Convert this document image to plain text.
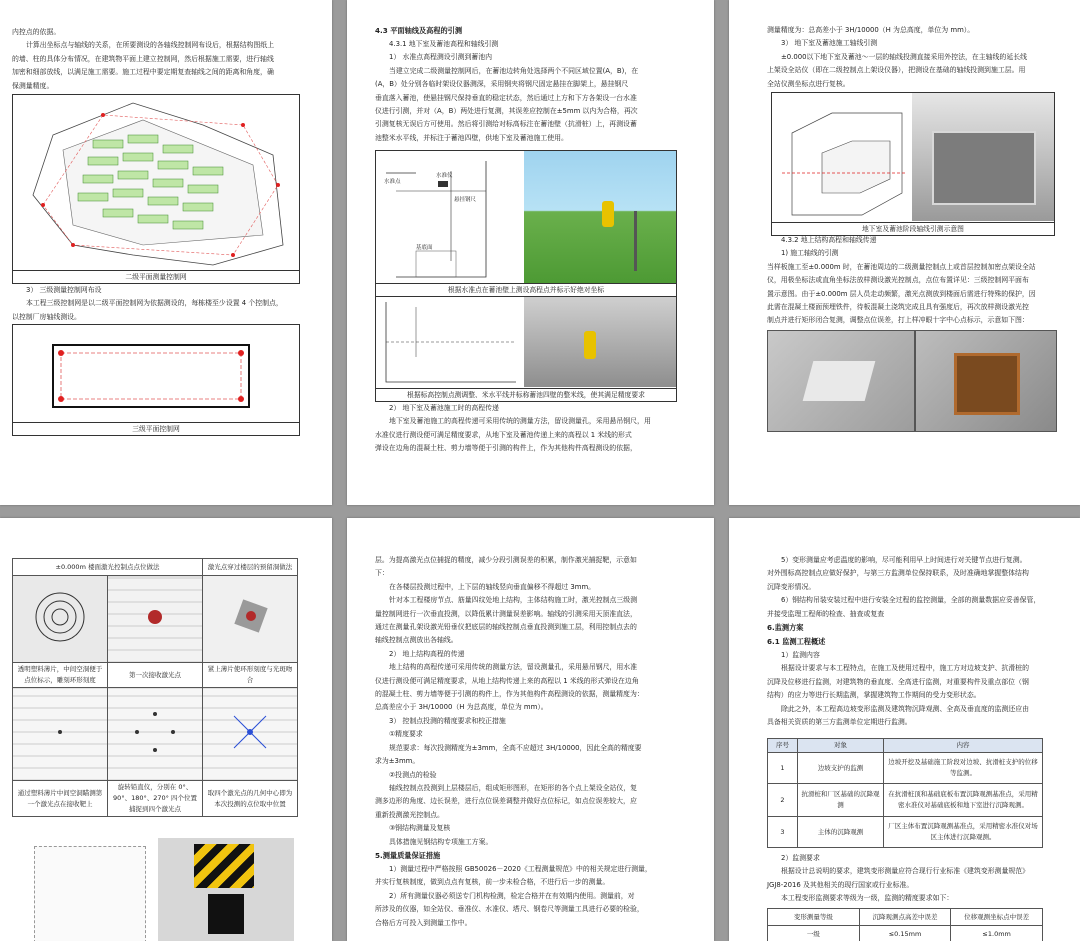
内控点的依据。

计算出坐标点与轴线的关系，在所要测设的各轴线控制网布设后，根据结构图纸上

的墙、柱的具体分布情况，在建筑物平面上建立控制网，然后根据施工需要，进行轴线

加密和细部放线，以满足施工需要。施工过程中要定期复查轴线之间的距离和角度，确

保测量精度。

二级平面测量控制网

3） 三级测量控制网布设

本工程三级控制网是以二级平面控制网为依据测设的，每栋楼至少设置 4 个控制点，

以控制厂房轴线测设。

三级平面控制网

4.3 平面轴线及高程的引测

4.3.1 地下室及蓄池高程和轴线引测

1） 水准点高程测设引测到蓄池内

当建立完成二级测量控制网后，在蓄池边转角处选择两个不同区域位置(A，B)，在

(A，B）处分别各临时架设仪器测深，采用钢夹将钢尺固定悬挂在脚架上，悬挂钢尺

垂直落入蓄池，使悬挂钢尺保持垂直的稳定状态，然后通过上方和下方各架设一台水准

仪进行引测，并对（A，B）两处进行复测，其误差应控制在±5mm 以内为合格，再次

引测复核无误后方可使用。然后将引测给对标高标注在蓄池壁（抗滑桩）上，再测设蓄

池整米水平线，并标注于蓄池四壁，供地下室及蓄池施工使用。

水准点
水准仪
悬挂钢尺
基底面
根据水准点在蓄池壁上测设高程点并标示好绝对坐标
根据标高控制点测调整、米水平线并标称蓄池四壁的整米线，使其满足精度要求

2） 地下室及蓄池施工时的高程传递

地下室及蓄池施工的高程传递可采用传统的测量方法，留设测量孔，采用悬吊钢尺，用

水准仪进行测设便可满足精度要求，从地下室及蓄池传递上来的高程以 1 米线的形式

弹设在边角的混凝土柱、剪力墙等便于引测的构件上，作为其他构件高程测设的依据，

测量精度为：总高差小于 3H/10000（H 为总高度，单位为 mm）。

3） 地下室及蓄池施工轴线引测

±0.000以下地下室及蓄池～一层的轴线投测直接采用外控法，在主轴线的延长线

上架设全站仪（即在二级控制点上架设仪器），把测设在基础的轴线投测到施工层。用

全站仪测坐标点进行复核。

地下室及蓄池阶段轴线引测示意图

4.3.2 地上结构高程和轴线传递

1) 施工轴线的引测

当样板施工至±0.000m 时，在蓄池周边的二级测量控制点上或首层控制加密点架设全站

仪，用极坐标法或直角坐标法放样测设激光控制点，点位布置详见：三级控制网平面布

置示意图。由于±0.000m 层人员走动频繁，激光点测放到楼面后需进行特殊的保护，因

此需在混凝土楼面预埋铁件，待板混凝土浇筑完成且具有强度后，再次放样测设激光控

制点并进行矩形闭合复测，调整点位误差，打上样冲眼十字中心点标示，示意如下图：

±0.000m 楼面激光控制点点位做法		激光点穿过楼层的预留洞做法

透明塑料薄片，中间空洞便于点位标示，雕刻环形刻度	第一次接收激光点	紧上薄片使环形刻度与光斑吻合

通过塑料薄片中间空洞瞄测第一个激光点在接收靶上	旋转铅直仪，分别在 0°、90°、180°、270° 四个位置捕捉到四个激光点	取四个激光点的几何中心即为本次投测的点位取中位置

层。为提高激光点位捕捉的精度，减少分段引测误差的积累，制作激光捕捉靶，示意如

下：

在各楼层投测过程中，上下层的轴线竖向垂直偏移不得超过 3mm。

针对本工程楼房节点、筋量四纹处地上结构，主体结构施工时，激光控制点三级测

量控制网进行一次垂直投测，以降低累计测量误差影响。轴线的引测采用天顶准直法，

通过在测量孔架设激光铅垂仪把底层的轴线控制点垂直投测到施工层，利用控制点去的

轴线控制点测放出各轴线。

2） 地上结构高程的传递

地上结构的高程传递可采用传统的测量方法，留设测量孔，采用悬吊钢尺，用水准

仪进行测设便可满足精度要求，从地上结构传递上来的高程以 1 米线的形式弹设在边角

的混凝土柱、剪力墙等便于引测的构件上，作为其他构件高程测设的依据，测量精度为：

总高差应小于 3H/10000（H 为总高度，单位为 mm）。

3） 控制点投测的精度要求和校正措施

①精度要求

规范要求：每次投测精度为±3mm，全高不应超过 3H/10000，因此全高的精度要

求为±3mm。

②投测点的检验

轴线控制点投测到上层楼层后，组成矩形图形，在矩形的各个点上架设全站仪，复

测多边形的角度、边长误差，进行点位误差调整并做好点位标记，如点位误差较大，应

重新投测激光控制点。

③钢结构测量及复核

具体措施见钢结构专项施工方案。

5.测量质量保证措施

1）测量过程中严格按照 GB50026－2020《工程测量规范》中的相关规定进行测量，

并实行复核制度，做到点点有复核，前一步未检合格，不进行后一步的测量。

2）所有测量仪器必须送专门机构检测，检定合格并在有效期内使用。测量前，对

所涉及的仪器，如全站仪、垂准仪、水准仪、塔尺、钢卷尺等测量工具进行必要的检验，

合格后方可投入到测量工作中。

5）变形测量应考虑温度的影响，尽可能利用早上时间进行对关键节点进行复测。

对外围标高控制点应做好保护，与第三方监测单位保持联系，及时准确地掌握整体结构

沉降变形情况。

6）钢结构吊装安装过程中进行安装全过程的监控测量，全部的测量数据应妥善保管，

并接受监理工程师的检查、抽查或复查

6.监测方案

6.1 监测工程概述

1）监测内容

根据设计要求与本工程特点，在施工及使用过程中，施工方对边坡支护、抗滑桩的

沉降及位移进行监测，对建筑物的垂直度、全高进行监测，对重要构件及重点部位（钢

结构）的应力等进行长期监测，掌握建筑物工作期间的受力变形状态。

除此之外，本工程高边坡变形监测及建筑物沉降观测、全高及垂直度的监测还应由

具备相关资质的第三方监测单位定期进行监测。

序号	对象	内容
1	边坡支护的监测	边坡开挖及基础施工阶段对边坡、抗滑桩支护的位移等监测。
2	抗滑桩和厂区基础的沉降观测	在抗滑桩顶和基础底板布置沉降观测基准点，采用精密水准仪对基础底板和地下室进行沉降观测。
3	主体的沉降观测	厂区主体布置沉降观测基准点，采用精密水准仪对场区主体进行沉降观测。

2）监测要求

根据设计总说明的要求，建筑变形测量应符合现行行业标准《建筑变形测量规范》

JGJ8-2016 及其他相关的现行国家或行业标准。

本工程变形监测要求等级为一级，监测的精度要求如下：

变形测量等级	沉降观测点高差中误差	位移观测坐标点中误差
一级	≤0.15mm	≤1.0mm
